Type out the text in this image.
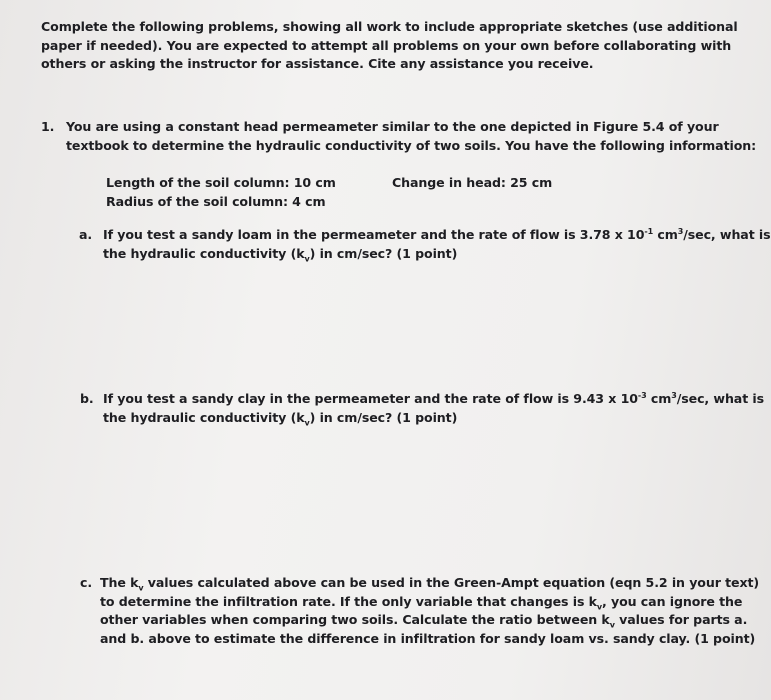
Complete the following problems, showing all work to include appropriate sketches (use additional
paper if needed). You are expected to attempt all problems on your own before collaborating with
others or asking the instructor for assistance. Cite any assistance you receive.
1. You are using a constant head permeameter similar to the one depicted in Figure 5.4 of your
textbook to determine the hydraulic conductivity of two soils. You have the following information:
Length of the soil column: 10 cm
Radius of the soil column: 4 cm
Change in head: 25 cm
a. If you test a sandy loam in the permeameter and the rate of flow is 3.78 x $10^{-1}$ $cm^3/\sec$, what is
the hydraulic conductivity $(k_v)$ in cm/sec? (1 point)
b. If you test a sandy clay in the permeameter and the rate of flow is 9.43 x $10^{-3}$ $cm^3/\sec$, what is
the hydraulic conductivity $(k_v)$ in cm/sec? (1 point)
c. The $k_v$ values calculated above can be used in the Green-Ampt equation (eqn 5.2 in your text)
to determine the infiltration rate. If the only variable that changes is $k_v$, you can ignore the
other variables when comparing two soils. Calculate the ratio between $k_v$ values for parts a.
and b. above to estimate the difference in infiltration for sandy loam vs. sandy clay. (1 point)
